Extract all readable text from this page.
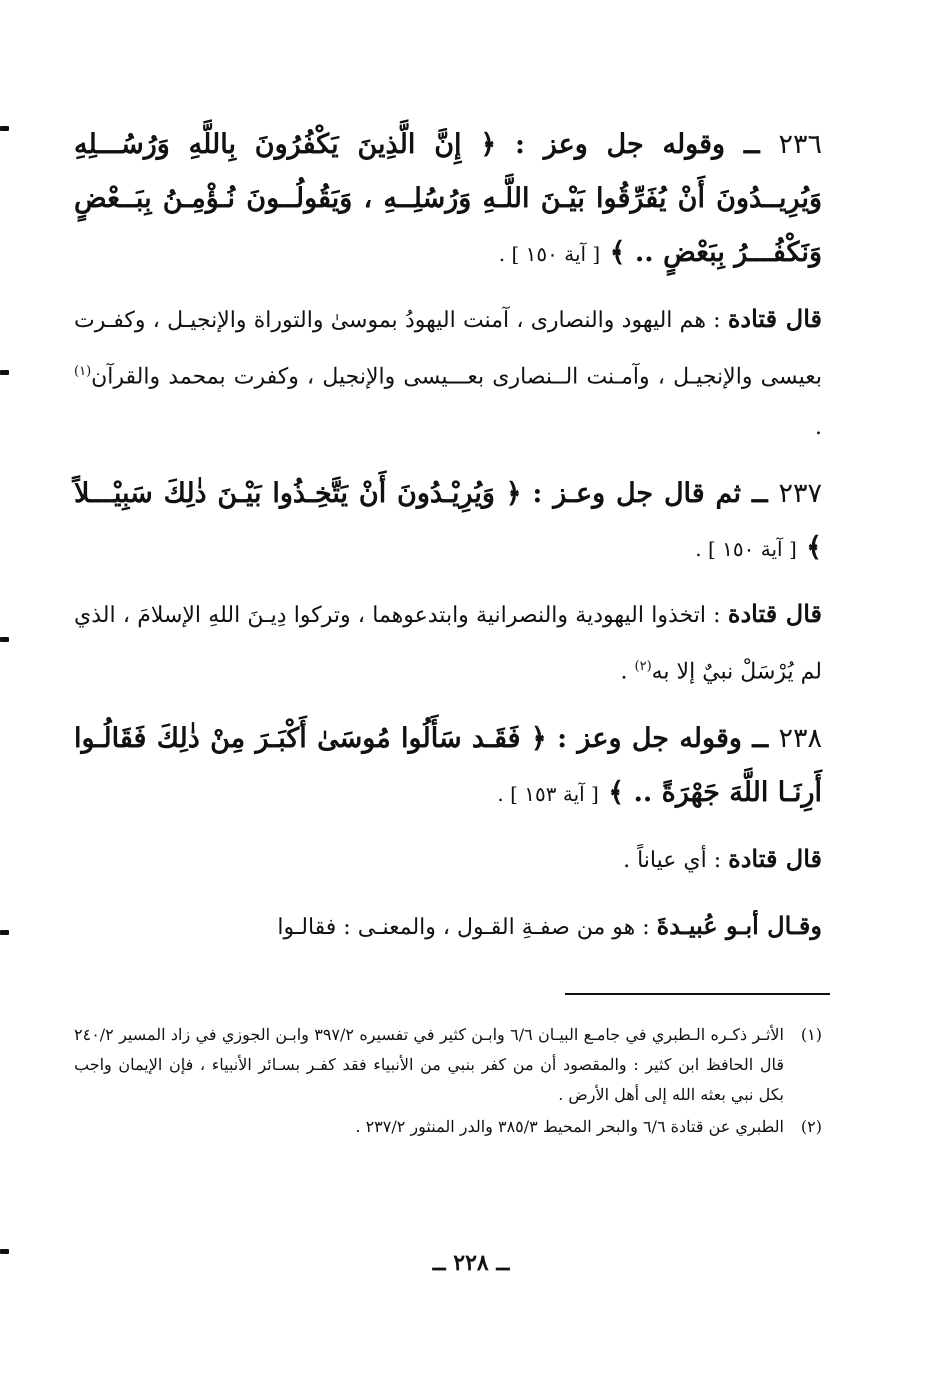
٢٣٦ ــ وقوله جل وعز : ﴿ إِنَّ الَّذِينَ يَكْفُرُونَ بِاللَّهِ وَرُسُـــلِهِ وَيُرِيــدُونَ أَنْ يُفَرِّقُوا بَيْـنَ اللَّـهِ وَرُسُلِــهِ ، وَيَقُولُــونَ نُـؤْمِـنُ بِبَــعْضٍ وَنَكْفُـــرُ بِبَعْضٍ .. ﴾ [ آية ١٥٠ ] .

قال قتادة : هم اليهود والنصارى ، آمنت اليهودُ بموسىٰ والتوراة والإنجيـل ، وكفـرت بعيسى والإنجيـل ، وآمـنت الــنصارى بعـــيسى والإنجيل ، وكفرت بمحمد والقرآن$^{(١)}$ .

٢٣٧ ــ ثم قال جل وعـز : ﴿ وَيُرِيْـدُونَ أَنْ يَتَّخِـذُوا بَيْـنَ ذٰلِكَ سَبِيْـــلاً ﴾ [ آية ١٥٠ ] .

قال قتادة : اتخذوا اليهودية والنصرانية وابتدعوهما ، وتركوا دِيـنَ اللهِ الإسلامَ ، الذي لم يُرْسَلْ نبيٌ إلا به$^{(٢)}$ .

٢٣٨ ــ وقوله جل وعز : ﴿ فَقَـد سَأَلُوا مُوسَىٰ أَكْبَـرَ مِنْ ذٰلِكَ فَقَالُـوا أَرِنَـا اللَّهَ جَهْرَةً .. ﴾ [ آية ١٥٣ ] .

قال قتادة : أي عياناً .

وقـال أبـو عُبيـدةَ : هو من صفـةِ القـول ، والمعنـى : فقالـوا

(١)
الأثـر ذكـره الـطبري في جامـع البيـان ٦/٦ وابـن كثير في تفسيره ٣٩٧/٢ وابـن الجوزي في زاد المسير ٢٤٠/٢ قال الحافظ ابن كثير : والمقصود أن من كفر بنبي من الأنبياء فقد كفـر بسـائر الأنبياء ، فإن الإيمان واجب بكل نبي بعثه الله إلى أهل الأرض .
(٢)
الطبري عن قتادة ٦/٦ والبحر المحيط ٣٨٥/٣ والدر المنثور ٢٣٧/٢ .
ــ ٢٢٨ ــ
